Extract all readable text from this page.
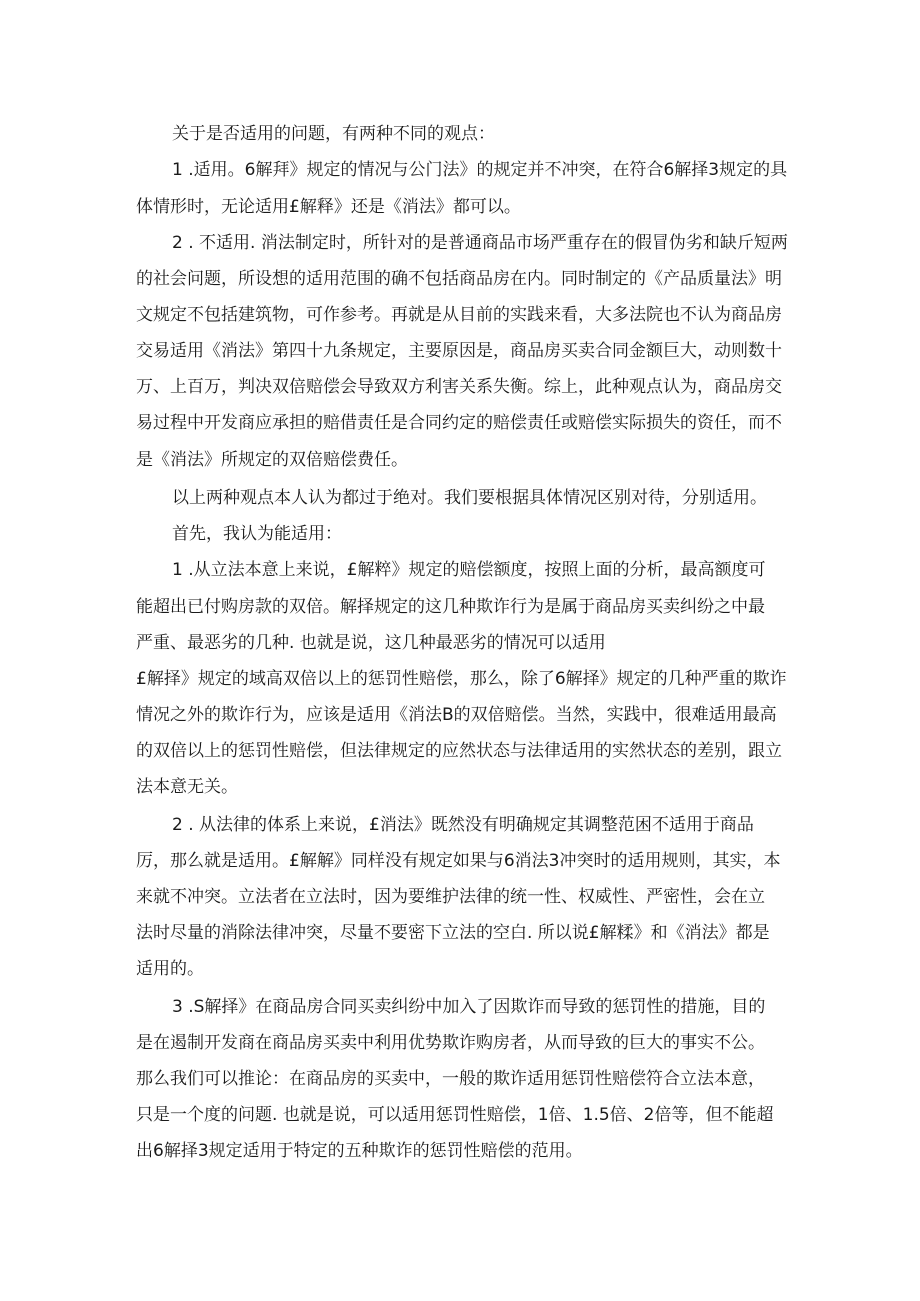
关于是否适用的问题，有两种不同的观点：
1 .适用。6解拜》规定的情况与公门法》的规定并不冲突，在符合6解择3规定的具
体情形时，无论适用£解释》还是《消法》都可以。
2 . 不适用. 消法制定时，所针对的是普通商品市场严重存在的假冒伪劣和缺斤短两
的社会问题，所设想的适用范围的确不包括商品房在内。同时制定的《产品质量法》明
文规定不包括建筑物，可作参考。再就是从目前的实践来看，大多法院也不认为商品房
交易适用《消法》第四十九条规定，主要原因是，商品房买卖合同金额巨大，动则数十
万、上百万，判决双倍赔偿会导致双方利害关系失衡。综上，此种观点认为，商品房交
易过程中开发商应承担的赔借责任是合同约定的赔偿责任或赔偿实际损失的资任，而不
是《消法》所规定的双倍赔偿费任。
以上两种观点本人认为都过于绝对。我们要根据具体情况区别对待，分别适用。
首先，我认为能适用：
1 .从立法本意上来说，£解粹》规定的赔偿额度，按照上面的分析，最高额度可
能超出已付购房款的双倍。解择规定的这几种欺诈行为是属于商品房买卖纠纷之中最
严重、最恶劣的几种. 也就是说，这几种最恶劣的情况可以适用
£解择》规定的域高双倍以上的惩罚性赔偿，那么，除了6解择》规定的几种严重的欺诈
情况之外的欺诈行为，应该是适用《消法B的双倍赔偿。当然，实践中，很难适用最高
的双倍以上的惩罚性赔偿，但法律规定的应然状态与法律适用的实然状态的差别，跟立
法本意无关。
2 . 从法律的体系上来说，£消法》既然没有明确规定其调整范困不适用于商品
厉，那么就是适用。£解解》同样没有规定如果与6消法3冲突时的适用规则，其实，本
来就不冲突。立法者在立法时，因为要维护法律的统一性、权威性、严密性，会在立
法时尽量的消除法律冲突，尽量不要密下立法的空白. 所以说£解糅》和《消法》都是
适用的。
3 .S解择》在商品房合同买卖纠纷中加入了因欺诈而导致的惩罚性的措施，目的
是在遏制开发商在商品房买卖中利用优势欺诈购房者，从而导致的巨大的事实不公。
那么我们可以推论：在商品房的买卖中，一般的欺诈适用惩罚性赔偿符合立法本意，
只是一个度的问题. 也就是说，可以适用惩罚性赔偿，1倍、1.5倍、2倍等，但不能超
出6解择3规定适用于特定的五种欺诈的惩罚性赔偿的范用。
